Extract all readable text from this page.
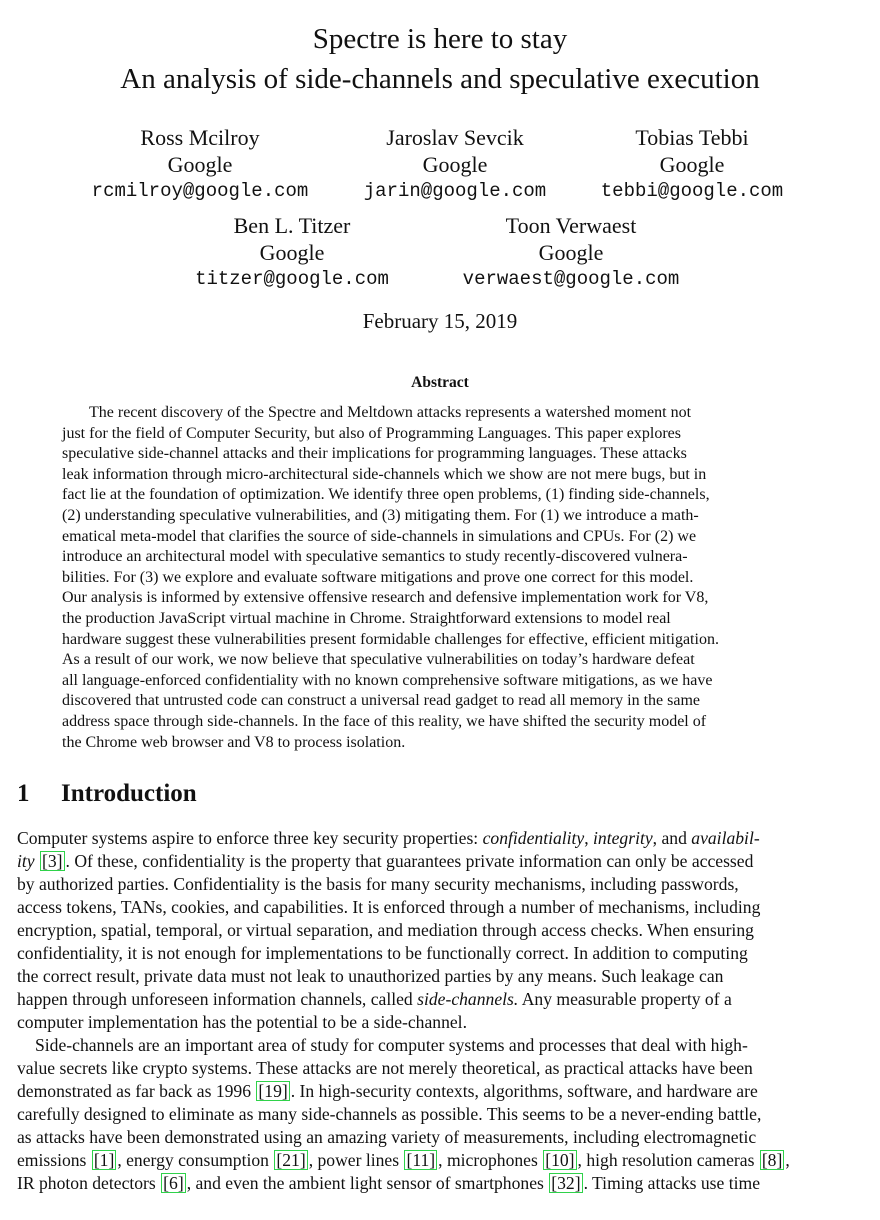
Spectre is here to stay
An analysis of side-channels and speculative execution
Ross Mcilroy
Google
rcmilroy@google.com
Jaroslav Sevcik
Google
jarin@google.com
Tobias Tebbi
Google
tebbi@google.com
Ben L. Titzer
Google
titzer@google.com
Toon Verwaest
Google
verwaest@google.com
February 15, 2019
Abstract
The recent discovery of the Spectre and Meltdown attacks represents a watershed moment not
just for the field of Computer Security, but also of Programming Languages. This paper explores
speculative side-channel attacks and their implications for programming languages. These attacks
leak information through micro-architectural side-channels which we show are not mere bugs, but in
fact lie at the foundation of optimization. We identify three open problems, (1) finding side-channels,
(2) understanding speculative vulnerabilities, and (3) mitigating them. For (1) we introduce a math-
ematical meta-model that clarifies the source of side-channels in simulations and CPUs. For (2) we
introduce an architectural model with speculative semantics to study recently-discovered vulnera-
bilities. For (3) we explore and evaluate software mitigations and prove one correct for this model.
Our analysis is informed by extensive offensive research and defensive implementation work for V8,
the production JavaScript virtual machine in Chrome. Straightforward extensions to model real
hardware suggest these vulnerabilities present formidable challenges for effective, efficient mitigation.
As a result of our work, we now believe that speculative vulnerabilities on today’s hardware defeat
all language-enforced confidentiality with no known comprehensive software mitigations, as we have
discovered that untrusted code can construct a universal read gadget to read all memory in the same
address space through side-channels. In the face of this reality, we have shifted the security model of
the Chrome web browser and V8 to process isolation.
1 Introduction
Computer systems aspire to enforce three key security properties: confidentiality, integrity, and availabil-
ity [3] . Of these, confidentiality is the property that guarantees private information can only be accessed
by authorized parties. Confidentiality is the basis for many security mechanisms, including passwords,
access tokens, TANs, cookies, and capabilities. It is enforced through a number of mechanisms, including
encryption, spatial, temporal, or virtual separation, and mediation through access checks. When ensuring
confidentiality, it is not enough for implementations to be functionally correct. In addition to computing
the correct result, private data must not leak to unauthorized parties by any means. Such leakage can
happen through unforeseen information channels, called side-channels. Any measurable property of a
computer implementation has the potential to be a side-channel.
Side-channels are an important area of study for computer systems and processes that deal with high-
value secrets like crypto systems. These attacks are not merely theoretical, as practical attacks have been
demonstrated as far back as 1996 [19] . In high-security contexts, algorithms, software, and hardware are
carefully designed to eliminate as many side-channels as possible. This seems to be a never-ending battle,
as attacks have been demonstrated using an amazing variety of measurements, including electromagnetic
emissions [1] , energy consumption [21] , power lines [11] , microphones [10] , high resolution cameras [8] ,
IR photon detectors [6] , and even the ambient light sensor of smartphones [32] . Timing attacks use time
